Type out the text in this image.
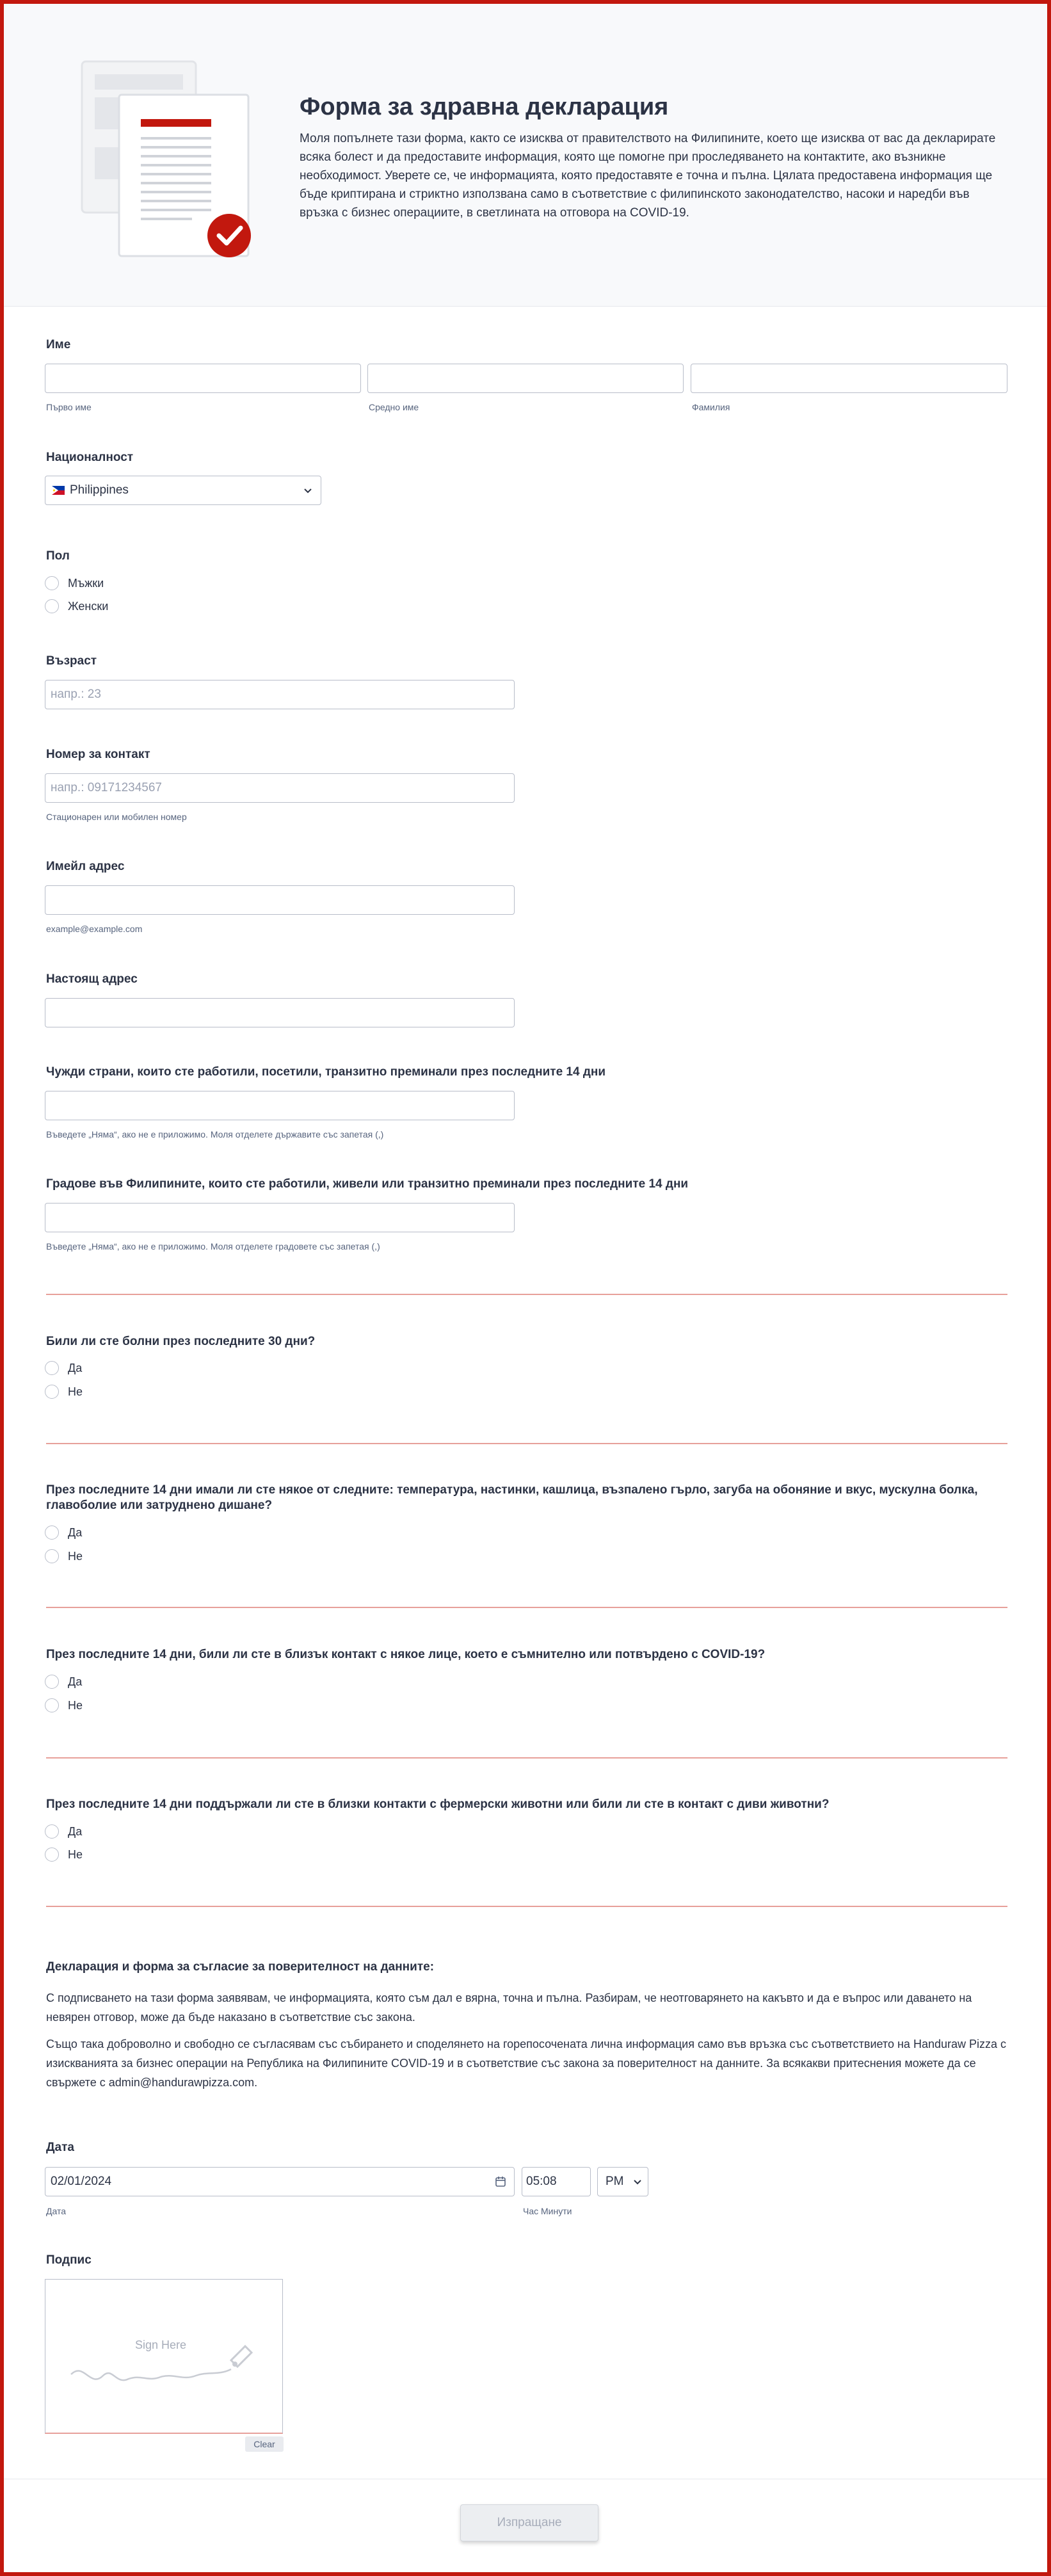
Форма за здравна декларация

Моля попълнете тази форма, както се изисква от правителството на Филипините, което ще изисква от вас да декларирате всяка болест и да предоставите информация, която ще помогне при проследяването на контактите, ако възникне необходимост. Уверете се, че информацията, която предоставяте е точна и пълна. Цялата предоставена информация ще бъде криптирана и стриктно използвана само в съответствие с филипинското законодателство, насоки и наредби във връзка с бизнес операциите, в светлината на отговора на COVID-19.

Име
Първо име	Средно име	Фамилия
Националност
Philippines
Пол
Мъжки
Женски
Възраст
напр.: 23
Номер за контакт
напр.: 09171234567
Стационарен или мобилен номер
Имейл адрес
example@example.com
Настоящ адрес
Чужди страни, които сте работили, посетили, транзитно преминали през последните 14 дни
Въведете „Няма“, ако не е приложимо. Моля отделете държавите със запетая (,)
Градове във Филипините, които сте работили, живели или транзитно преминали през последните 14 дни
Въведете „Няма“, ако не е приложимо. Моля отделете градовете със запетая (,)
Били ли сте болни през последните 30 дни?
Да
Не
През последните 14 дни имали ли сте някое от следните: температура, настинки, кашлица, възпалено гърло, загуба на обоняние и вкус, мускулна болка, главоболие или затруднено дишане?
Да
Не
През последните 14 дни, били ли сте в близък контакт с някое лице, което е съмнително или потвърдено с COVID-19?
Да
Не
През последните 14 дни поддържали ли сте в близки контакти с фермерски животни или били ли сте в контакт с диви животни?
Да
Не
Декларация и форма за съгласие за поверителност на данните:

С подписването на тази форма заявявам, че информацията, която съм дал е вярна, точна и пълна. Разбирам, че неотговарянето на какъвто и да е въпрос или даването на невярен отговор, може да бъде наказано в съответствие със закона.

Също така доброволно и свободно се съгласявам със събирането и споделянето на горепосочената лична информация само във връзка със съответствието на Handuraw Pizza с изискванията за бизнес операции на Република на Филипините COVID-19 и в съответствие със закона за поверителност на данните. За всякакви притеснения можете да се свържете с admin@handurawpizza.com.

Дата
02/01/2024	05:08	PM
Дата	Час Минути
Подпис
Sign Here
Clear
Изпращане
